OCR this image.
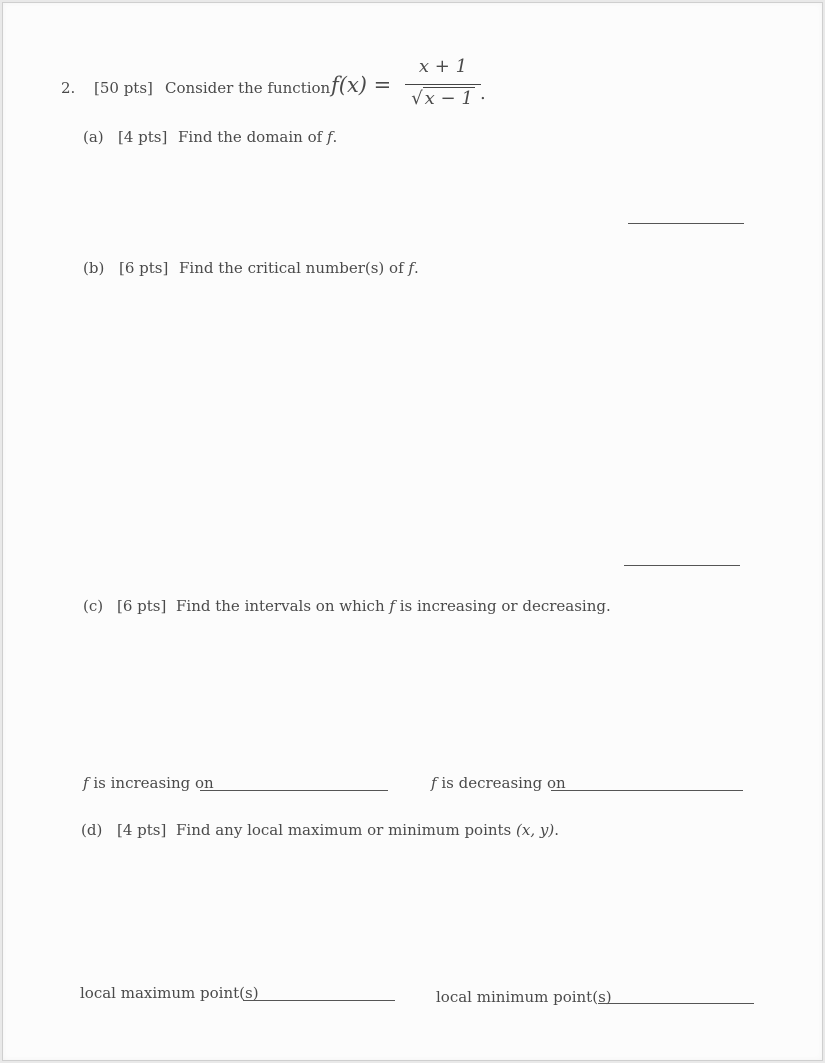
2. [50 pts] Consider the function f(x) =
x + 1
√ x − 1 .
(a) [4 pts] Find the domain of f.
(b) [6 pts] Find the critical number(s) of f.
(c) [6 pts] Find the intervals on which f is increasing or decreasing.
f is increasing on	f is decreasing on
(d) [4 pts] Find any local maximum or minimum points (x, y).
local maximum point(s)	local minimum point(s)
